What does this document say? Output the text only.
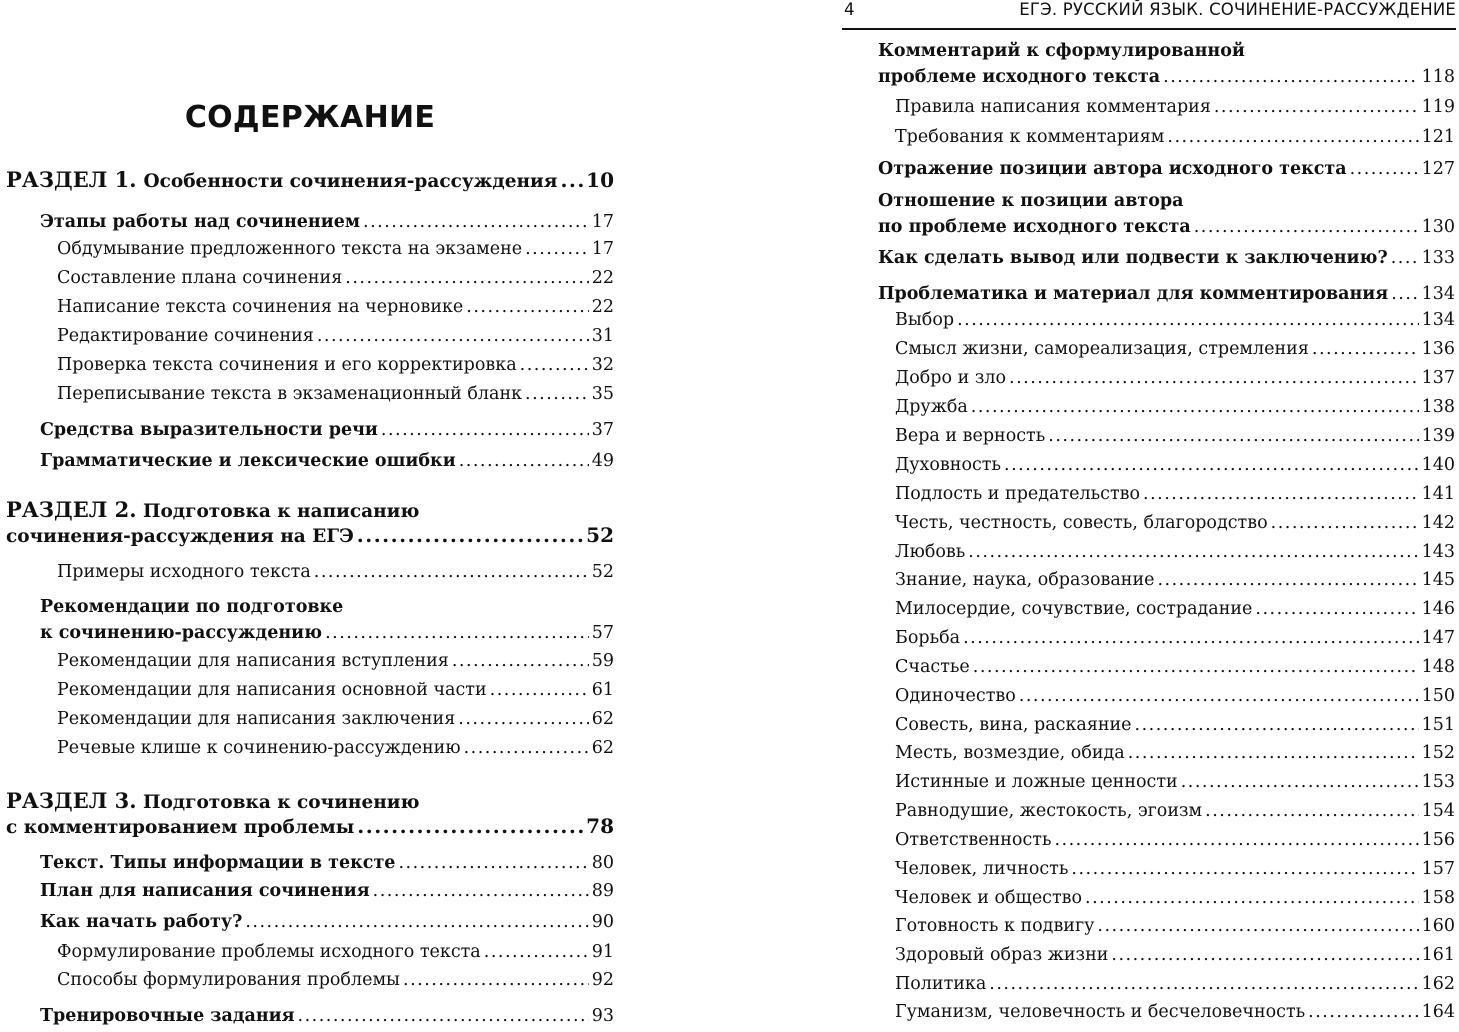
СОДЕРЖАНИЕ
РАЗДЕЛ 1. Особенности сочинения-рассуждения ..... 10
Этапы работы над сочинением .....	17
Обдумывание предложенного текста на экзамене .....	17
Составление плана сочинения .....	22
Написание текста сочинения на черновике .....	22
Редактирование сочинения .....	31
Проверка текста сочинения и его корректировка .....	32
Переписывание текста в экзаменационный бланк .....	35
Средства выразительности речи .....	37
Грамматические и лексические ошибки .....	49
РАЗДЕЛ 2. Подготовка к написанию
сочинения-рассуждения на ЕГЭ .....	52
Примеры исходного текста .....	52
Рекомендации по подготовке
к сочинению-рассуждению .....	57
Рекомендации для написания вступления .....	59
Рекомендации для написания основной части .....	61
Рекомендации для написания заключения .....	62
Речевые клише к сочинению-рассуждению .....	62
РАЗДЕЛ 3. Подготовка к сочинению
с комментированием проблемы .....	78
Текст. Типы информации в тексте .....	80
План для написания сочинения .....	89
Как начать работу? .....	90
Формулирование проблемы исходного текста .....	91
Способы формулирования проблемы .....	92
Тренировочные задания .....	93
4	ЕГЭ. РУССКИЙ ЯЗЫК. СОЧИНЕНИЕ-РАССУЖДЕНИЕ
Комментарий к сформулированной
проблеме исходного текста .....	118
Правила написания комментария .....	119
Требования к комментариям .....	121
Отражение позиции автора исходного текста .....	127
Отношение к позиции автора
по проблеме исходного текста .....	130
Как сделать вывод или подвести к заключению? ..... 133
Проблематика и материал для комментирования ..... 134
Выбор .....	134
Смысл жизни, самореализация, стремления .....	136
Добро и зло .....	137
Дружба .....	138
Вера и верность .....	139
Духовность .....	140
Подлость и предательство .....	141
Честь, честность, совесть, благородство .....	142
Любовь .....	143
Знание, наука, образование .....	145
Милосердие, сочувствие, сострадание .....	146
Борьба .....	147
Счастье .....	148
Одиночество .....	150
Совесть, вина, раскаяние .....	151
Месть, возмездие, обида .....	152
Истинные и ложные ценности .....	153
Равнодушие, жестокость, эгоизм .....	154
Ответственность .....	156
Человек, личность .....	157
Человек и общество .....	158
Готовность к подвигу .....	160
Здоровый образ жизни .....	161
Политика .....	162
Гуманизм, человечность и бесчеловечность .....	164
